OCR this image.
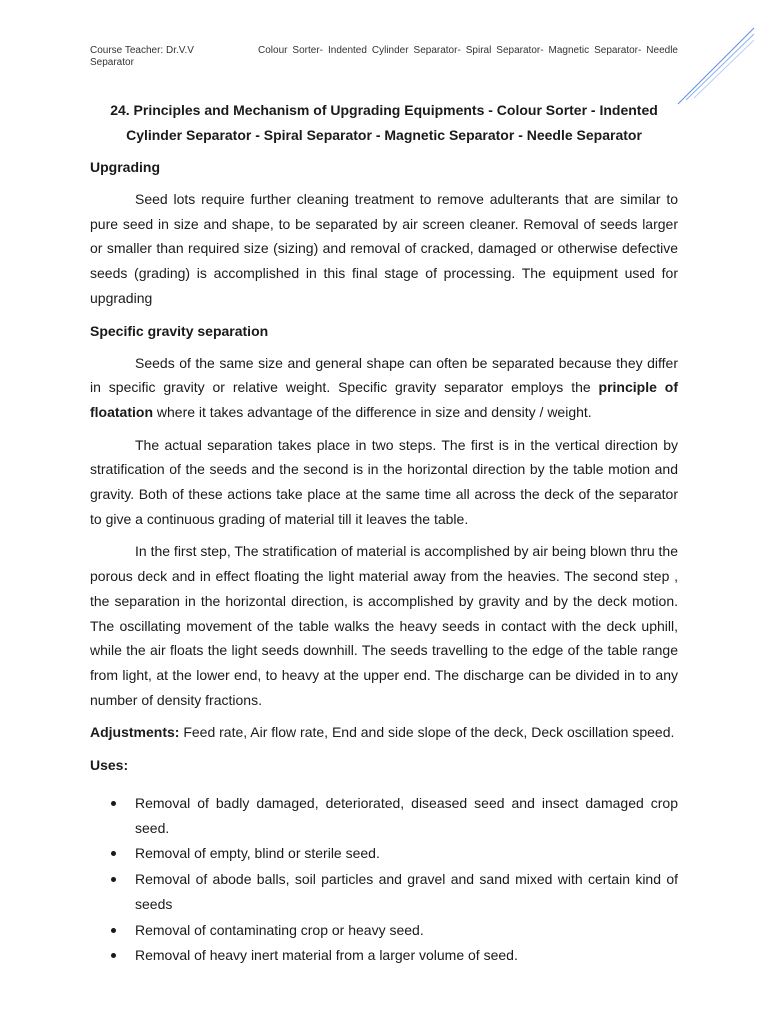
Course Teacher: Dr.V.V	Colour Sorter- Indented Cylinder Separator- Spiral Separator- Magnetic Separator- Needle
Separator
24. Principles and Mechanism of Upgrading Equipments - Colour Sorter - Indented
Cylinder Separator - Spiral Separator - Magnetic Separator - Needle Separator
Upgrading

Seed lots require further cleaning treatment to remove adulterants that are similar to pure seed in size and shape, to be separated by air screen cleaner. Removal of seeds larger or smaller than required size (sizing) and removal of cracked, damaged or otherwise defective seeds (grading) is accomplished in this final stage of processing. The equipment used for upgrading

Specific gravity separation

Seeds of the same size and general shape can often be separated because they differ in specific gravity or relative weight. Specific gravity separator employs the principle of floatation where it takes advantage of the difference in size and density / weight.

The actual separation takes place in two steps. The first is in the vertical direction by stratification of the seeds and the second is in the horizontal direction by the table motion and gravity. Both of these actions take place at the same time all across the deck of the separator to give a continuous grading of material till it leaves the table.

In the first step, The stratification of material is accomplished by air being blown thru the porous deck and in effect floating the light material away from the heavies. The second step , the separation in the horizontal direction, is accomplished by gravity and by the deck motion. The oscillating movement of the table walks the heavy seeds in contact with the deck uphill, while the air floats the light seeds downhill. The seeds travelling to the edge of the table range from light, at the lower end, to heavy at the upper end. The discharge can be divided in to any number of density fractions.

Adjustments: Feed rate, Air flow rate, End and side slope of the deck, Deck oscillation speed.

Uses:
Removal of badly damaged, deteriorated, diseased seed and insect damaged crop seed.
Removal of empty, blind or sterile seed.
Removal of abode balls, soil particles and gravel and sand mixed with certain kind of seeds
Removal of contaminating crop or heavy seed.
Removal of heavy inert material from a larger volume of seed.
